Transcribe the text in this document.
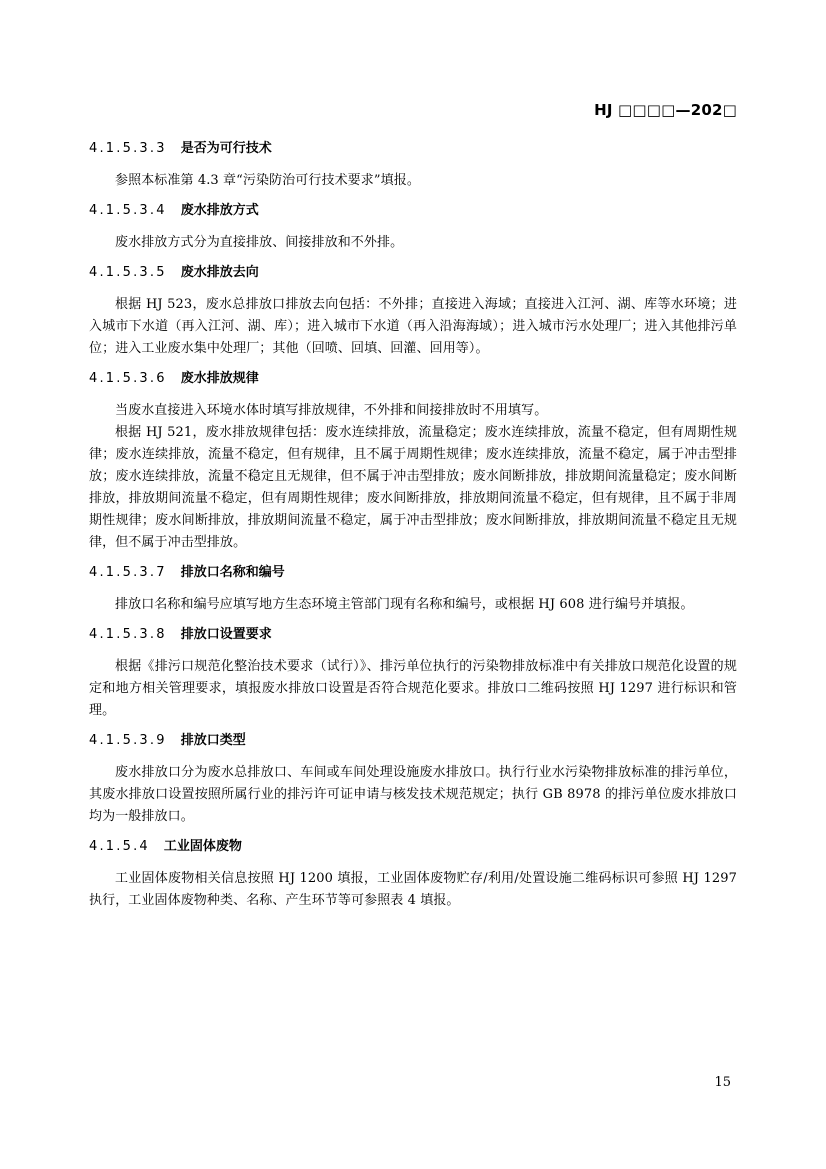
HJ □□□□—202□
4.1.5.3.3 是否为可行技术

参照本标准第 4.3 章“污染防治可行技术要求”填报。

4.1.5.3.4 废水排放方式

废水排放方式分为直接排放、间接排放和不外排。

4.1.5.3.5 废水排放去向

根据 HJ 523，废水总排放口排放去向包括：不外排；直接进入海域；直接进入江河、湖、库等水环境；进入城市下水道（再入江河、湖、库）；进入城市下水道（再入沿海海域）；进入城市污水处理厂；进入其他排污单位；进入工业废水集中处理厂；其他（回喷、回填、回灌、回用等）。

4.1.5.3.6 废水排放规律

当废水直接进入环境水体时填写排放规律，不外排和间接排放时不用填写。

根据 HJ 521，废水排放规律包括：废水连续排放，流量稳定；废水连续排放，流量不稳定，但有周期性规律；废水连续排放，流量不稳定，但有规律，且不属于周期性规律；废水连续排放，流量不稳定，属于冲击型排放；废水连续排放，流量不稳定且无规律，但不属于冲击型排放；废水间断排放，排放期间流量稳定；废水间断排放，排放期间流量不稳定，但有周期性规律；废水间断排放，排放期间流量不稳定，但有规律，且不属于非周期性规律；废水间断排放，排放期间流量不稳定，属于冲击型排放；废水间断排放，排放期间流量不稳定且无规律，但不属于冲击型排放。

4.1.5.3.7 排放口名称和编号

排放口名称和编号应填写地方生态环境主管部门现有名称和编号，或根据 HJ 608 进行编号并填报。

4.1.5.3.8 排放口设置要求

根据《排污口规范化整治技术要求（试行）》、排污单位执行的污染物排放标准中有关排放口规范化设置的规定和地方相关管理要求，填报废水排放口设置是否符合规范化要求。排放口二维码按照 HJ 1297 进行标识和管理。

4.1.5.3.9 排放口类型

废水排放口分为废水总排放口、车间或车间处理设施废水排放口。执行行业水污染物排放标准的排污单位，其废水排放口设置按照所属行业的排污许可证申请与核发技术规范规定；执行 GB 8978 的排污单位废水排放口均为一般排放口。

4.1.5.4 工业固体废物

工业固体废物相关信息按照 HJ 1200 填报，工业固体废物贮存/利用/处置设施二维码标识可参照 HJ 1297 执行，工业固体废物种类、名称、产生环节等可参照表 4 填报。

15
